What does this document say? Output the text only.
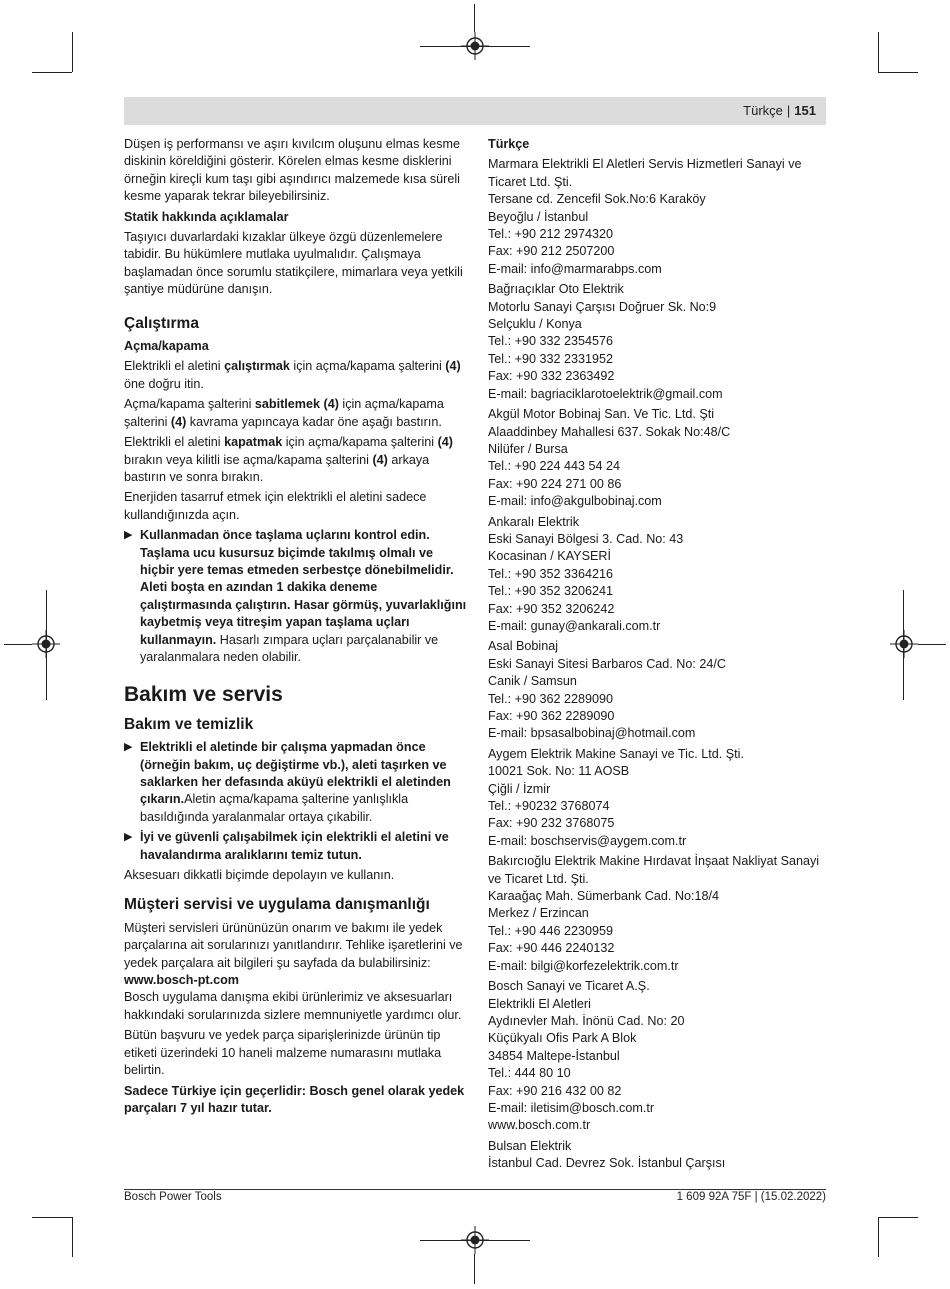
Türkçe | 151

Düşen iş performansı ve aşırı kıvılcım oluşunu elmas kesme diskinin köreldiğini gösterir. Körelen elmas kesme disklerini örneğin kireçli kum taşı gibi aşındırıcı malzemede kısa süreli kesme yaparak tekrar bileyebilirsiniz.

Statik hakkında açıklamalar

Taşıyıcı duvarlardaki kızaklar ülkeye özgü düzenlemelere tabidir. Bu hükümlere mutlaka uyulmalıdır. Çalışmaya başlamadan önce sorumlu statikçilere, mimarlara veya yetkili şantiye müdürüne danışın.

Çalıştırma
Açma/kapama

Elektrikli el aletini çalıştırmak için açma/kapama şalterini (4) öne doğru itin.

Açma/kapama şalterini sabitlemek (4) için açma/kapama şalterini (4) kavrama yapıncaya kadar öne aşağı bastırın.

Elektrikli el aletini kapatmak için açma/kapama şalterini (4) bırakın veya kilitli ise açma/kapama şalterini (4) arkaya bastırın ve sonra bırakın.

Enerjiden tasarruf etmek için elektrikli el aletini sadece kullandığınızda açın.

▶ Kullanmadan önce taşlama uçlarını kontrol edin. Taşlama ucu kusursuz biçimde takılmış olmalı ve hiçbir yere temas etmeden serbestçe dönebilmelidir. Aleti boşta en azından 1 dakika deneme çalıştırmasında çalıştırın. Hasar görmüş, yuvarlaklığını kaybetmiş veya titreşim yapan taşlama uçları kullanmayın. Hasarlı zımpara uçları parçalanabilir ve yaralanmalara neden olabilir.
Bakım ve servis
Bakım ve temizlik
▶ Elektrikli el aletinde bir çalışma yapmadan önce (örneğin bakım, uç değiştirme vb.), aleti taşırken ve saklarken her defasında aküyü elektrikli el aletinden çıkarın.Aletin açma/kapama şalterine yanlışlıkla basıldığında yaralanmalar ortaya çıkabilir.
▶ İyi ve güvenli çalışabilmek için elektrikli el aletini ve havalandırma aralıklarını temiz tutun.

Aksesuarı dikkatli biçimde depolayın ve kullanın.

Müşteri servisi ve uygulama danışmanlığı

Müşteri servisleri ürününüzün onarım ve bakımı ile yedek parçalarına ait sorularınızı yanıtlandırır. Tehlike işaretlerini ve yedek parçalara ait bilgileri şu sayfada da bulabilirsiniz:

www.bosch-pt.com

Bosch uygulama danışma ekibi ürünlerimiz ve aksesuarları hakkındaki sorularınızda sizlere memnuniyetle yardımcı olur.

Bütün başvuru ve yedek parça siparişlerinizde ürünün tip etiketi üzerindeki 10 haneli malzeme numarasını mutlaka belirtin.

Sadece Türkiye için geçerlidir: Bosch genel olarak yedek parçaları 7 yıl hazır tutar.

Türkçe
Marmara Elektrikli El Aletleri Servis Hizmetleri Sanayi ve Ticaret Ltd. Şti.
Tersane cd. Zencefil Sok.No:6 Karaköy
Beyoğlu / İstanbul
Tel.: +90 212 2974320
Fax: +90 212 2507200
E-mail: info@marmarabps.com
Bağrıaçıklar Oto Elektrik
Motorlu Sanayi Çarşısı Doğruer Sk. No:9
Selçuklu / Konya
Tel.: +90 332 2354576
Tel.: +90 332 2331952
Fax: +90 332 2363492
E-mail: bagriaciklarotoelektrik@gmail.com
Akgül Motor Bobinaj San. Ve Tic. Ltd. Şti
Alaaddinbey Mahallesi 637. Sokak No:48/C
Nilüfer / Bursa
Tel.: +90 224 443 54 24
Fax: +90 224 271 00 86
E-mail: info@akgulbobinaj.com
Ankaralı Elektrik
Eski Sanayi Bölgesi 3. Cad. No: 43
Kocasinan / KAYSERİ
Tel.: +90 352 3364216
Tel.: +90 352 3206241
Fax: +90 352 3206242
E-mail: gunay@ankarali.com.tr
Asal Bobinaj
Eski Sanayi Sitesi Barbaros Cad. No: 24/C
Canik / Samsun
Tel.: +90 362 2289090
Fax: +90 362 2289090
E-mail: bpsasalbobinaj@hotmail.com
Aygem Elektrik Makine Sanayi ve Tic. Ltd. Şti.
10021 Sok. No: 11 AOSB
Çiğli / İzmir
Tel.: +90232 3768074
Fax: +90 232 3768075
E-mail: boschservis@aygem.com.tr
Bakırcıoğlu Elektrik Makine Hırdavat İnşaat Nakliyat Sanayi ve Ticaret Ltd. Şti.
Karaağaç Mah. Sümerbank Cad. No:18/4
Merkez / Erzincan
Tel.: +90 446 2230959
Fax: +90 446 2240132
E-mail: bilgi@korfezelektrik.com.tr
Bosch Sanayi ve Ticaret A.Ş.
Elektrikli El Aletleri
Aydınevler Mah. İnönü Cad. No: 20
Küçükyalı Ofis Park A Blok
34854 Maltepe-İstanbul
Tel.: 444 80 10
Fax: +90 216 432 00 82
E-mail: iletisim@bosch.com.tr
www.bosch.com.tr
Bulsan Elektrik
İstanbul Cad. Devrez Sok. İstanbul Çarşısı
Bosch Power Tools	1 609 92A 75F | (15.02.2022)
